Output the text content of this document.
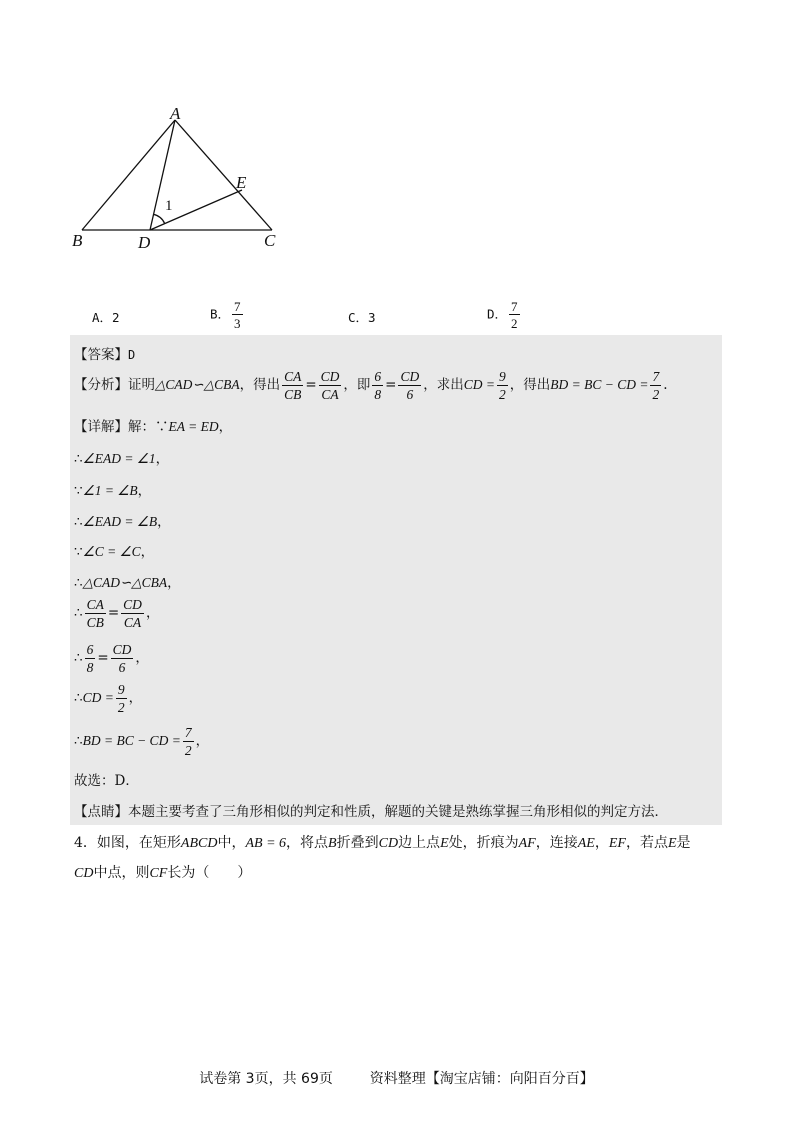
A
B	C
D
E
1
A．2	B． $\frac{7}{3}$	C．3	D． $\frac{7}{2}$
【答案】D
【分析】证明△CAD∽△CBA，得出 $\frac{CA}{CB} = \frac{CD}{CA}$ ，即 $\frac{6}{8} = \frac{CD}{6}$ ，求出CD = $\frac{9}{2}$ ，得出BD = BC − CD = $\frac{7}{2}$ .
【详解】解：∵EA = ED，
∴∠EAD = ∠1，
∵∠1 = ∠B，
∴∠EAD = ∠B，
∵∠C = ∠C，
∴△CAD∽△CBA，
∴ $\frac{CA}{CB} = \frac{CD}{CA}$ ，
∴ $\frac{6}{8} = \frac{CD}{6}$ ，
∴CD = $\frac{9}{2}$ ，
∴BD = BC − CD = $\frac{7}{2}$ ，
故选：D．
【点睛】本题主要考查了三角形相似的判定和性质，解题的关键是熟练掌握三角形相似的判定方法．
4．如图，在矩形ABCD中，AB = 6，将点B折叠到CD边上点E处，折痕为AF，连接AE，EF，若点E是
CD中点，则CF长为（　　）
试卷第 3页，共 69页	资料整理【淘宝店铺：向阳百分百】
